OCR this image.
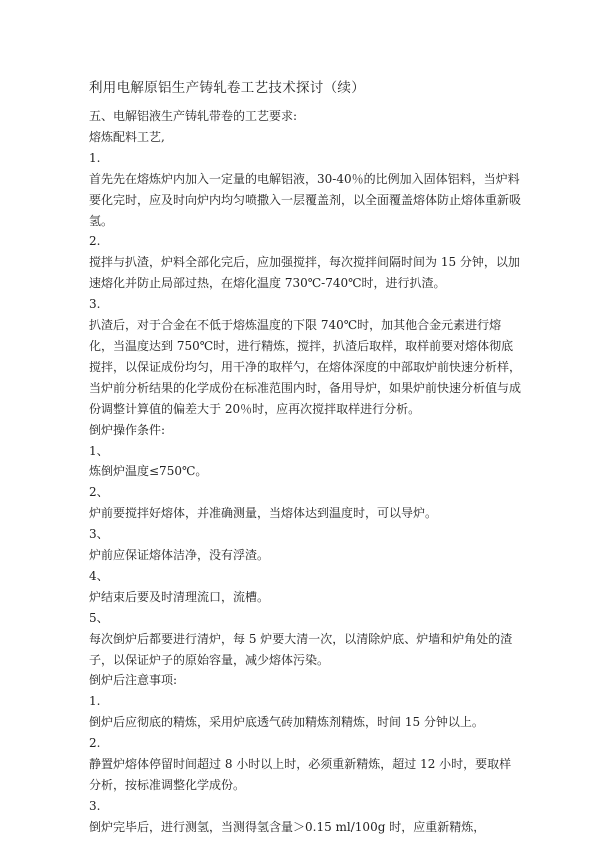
利用电解原铝生产铸轧卷工艺技术探讨（续）

五、电解铝液生产铸轧带卷的工艺要求:

熔炼配料工艺,

1.

首先先在熔炼炉内加入一定量的电解铝液，30-40％的比例加入固体铝料，当炉料要化完时，应及时向炉内均匀喷撒入一层覆盖剂，以全面覆盖熔体防止熔体重新吸氢。

2.

搅拌与扒渣，炉料全部化完后，应加强搅拌，每次搅拌间隔时间为 15 分钟，以加速熔化并防止局部过热，在熔化温度 730℃-740℃时，进行扒渣。

3.

扒渣后，对于合金在不低于熔炼温度的下限 740℃时，加其他合金元素进行熔化，当温度达到 750℃时，进行精炼，搅拌，扒渣后取样，取样前要对熔体彻底搅拌，以保证成份均匀，用干净的取样勺，在熔体深度的中部取炉前快速分析样，当炉前分析结果的化学成份在标准范围内时，备用导炉，如果炉前快速分析值与成份调整计算值的偏差大于 20％时，应再次搅拌取样进行分析。

倒炉操作条件:

1、

炼倒炉温度≤750℃。

2、

炉前要搅拌好熔体，并准确测量，当熔体达到温度时，可以导炉。

3、

炉前应保证熔体洁净，没有浮渣。

4、

炉结束后要及时清理流口，流槽。

5、

每次倒炉后都要进行清炉，每 5 炉要大清一次，以清除炉底、炉墙和炉角处的渣子，以保证炉子的原始容量，减少熔体污染。

倒炉后注意事项:

1.

倒炉后应彻底的精炼，采用炉底透气砖加精炼剂精炼，时间 15 分钟以上。

2.

静置炉熔体停留时间超过 8 小时以上时，必须重新精炼，超过 12 小时，要取样分析，按标准调整化学成份。

3.

倒炉完毕后，进行测氢，当测得氢含量＞0.15 ml/100g 时，应重新精炼，
